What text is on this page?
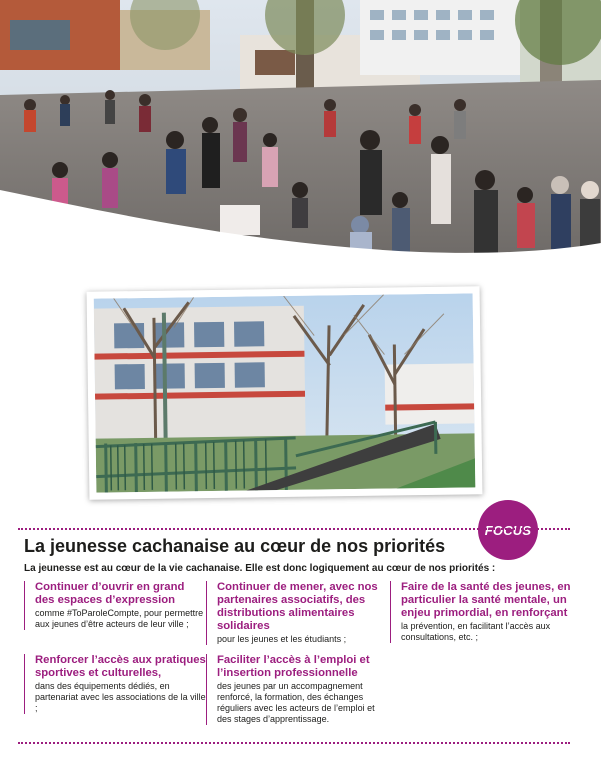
FOCUS
La jeunesse cachanaise au cœur de nos priorités

La jeunesse est au cœur de la vie cachanaise. Elle est donc logiquement au cœur de nos priorités :

Continuer d’ouvrir en grand des espaces d’expression
comme #ToParoleCompte, pour permettre aux jeunes d’être acteurs de leur ville ;
Renforcer l’accès aux pratiques sportives et culturelles,
dans des équipements dédiés, en partenariat avec les associations de la ville ;
Continuer de mener, avec nos partenaires associatifs, des distributions alimentaires solidaires
pour les jeunes et les étudiants ;
Faciliter l’accès à l’emploi et l’insertion professionnelle
des jeunes par un accompagnement renforcé, la formation, des échanges réguliers avec les acteurs de l’emploi et des stages d’apprentissage.
Faire de la santé des jeunes, en particulier la santé mentale, un enjeu primordial, en renforçant
la prévention, en facilitant l’accès aux consultations, etc. ;
